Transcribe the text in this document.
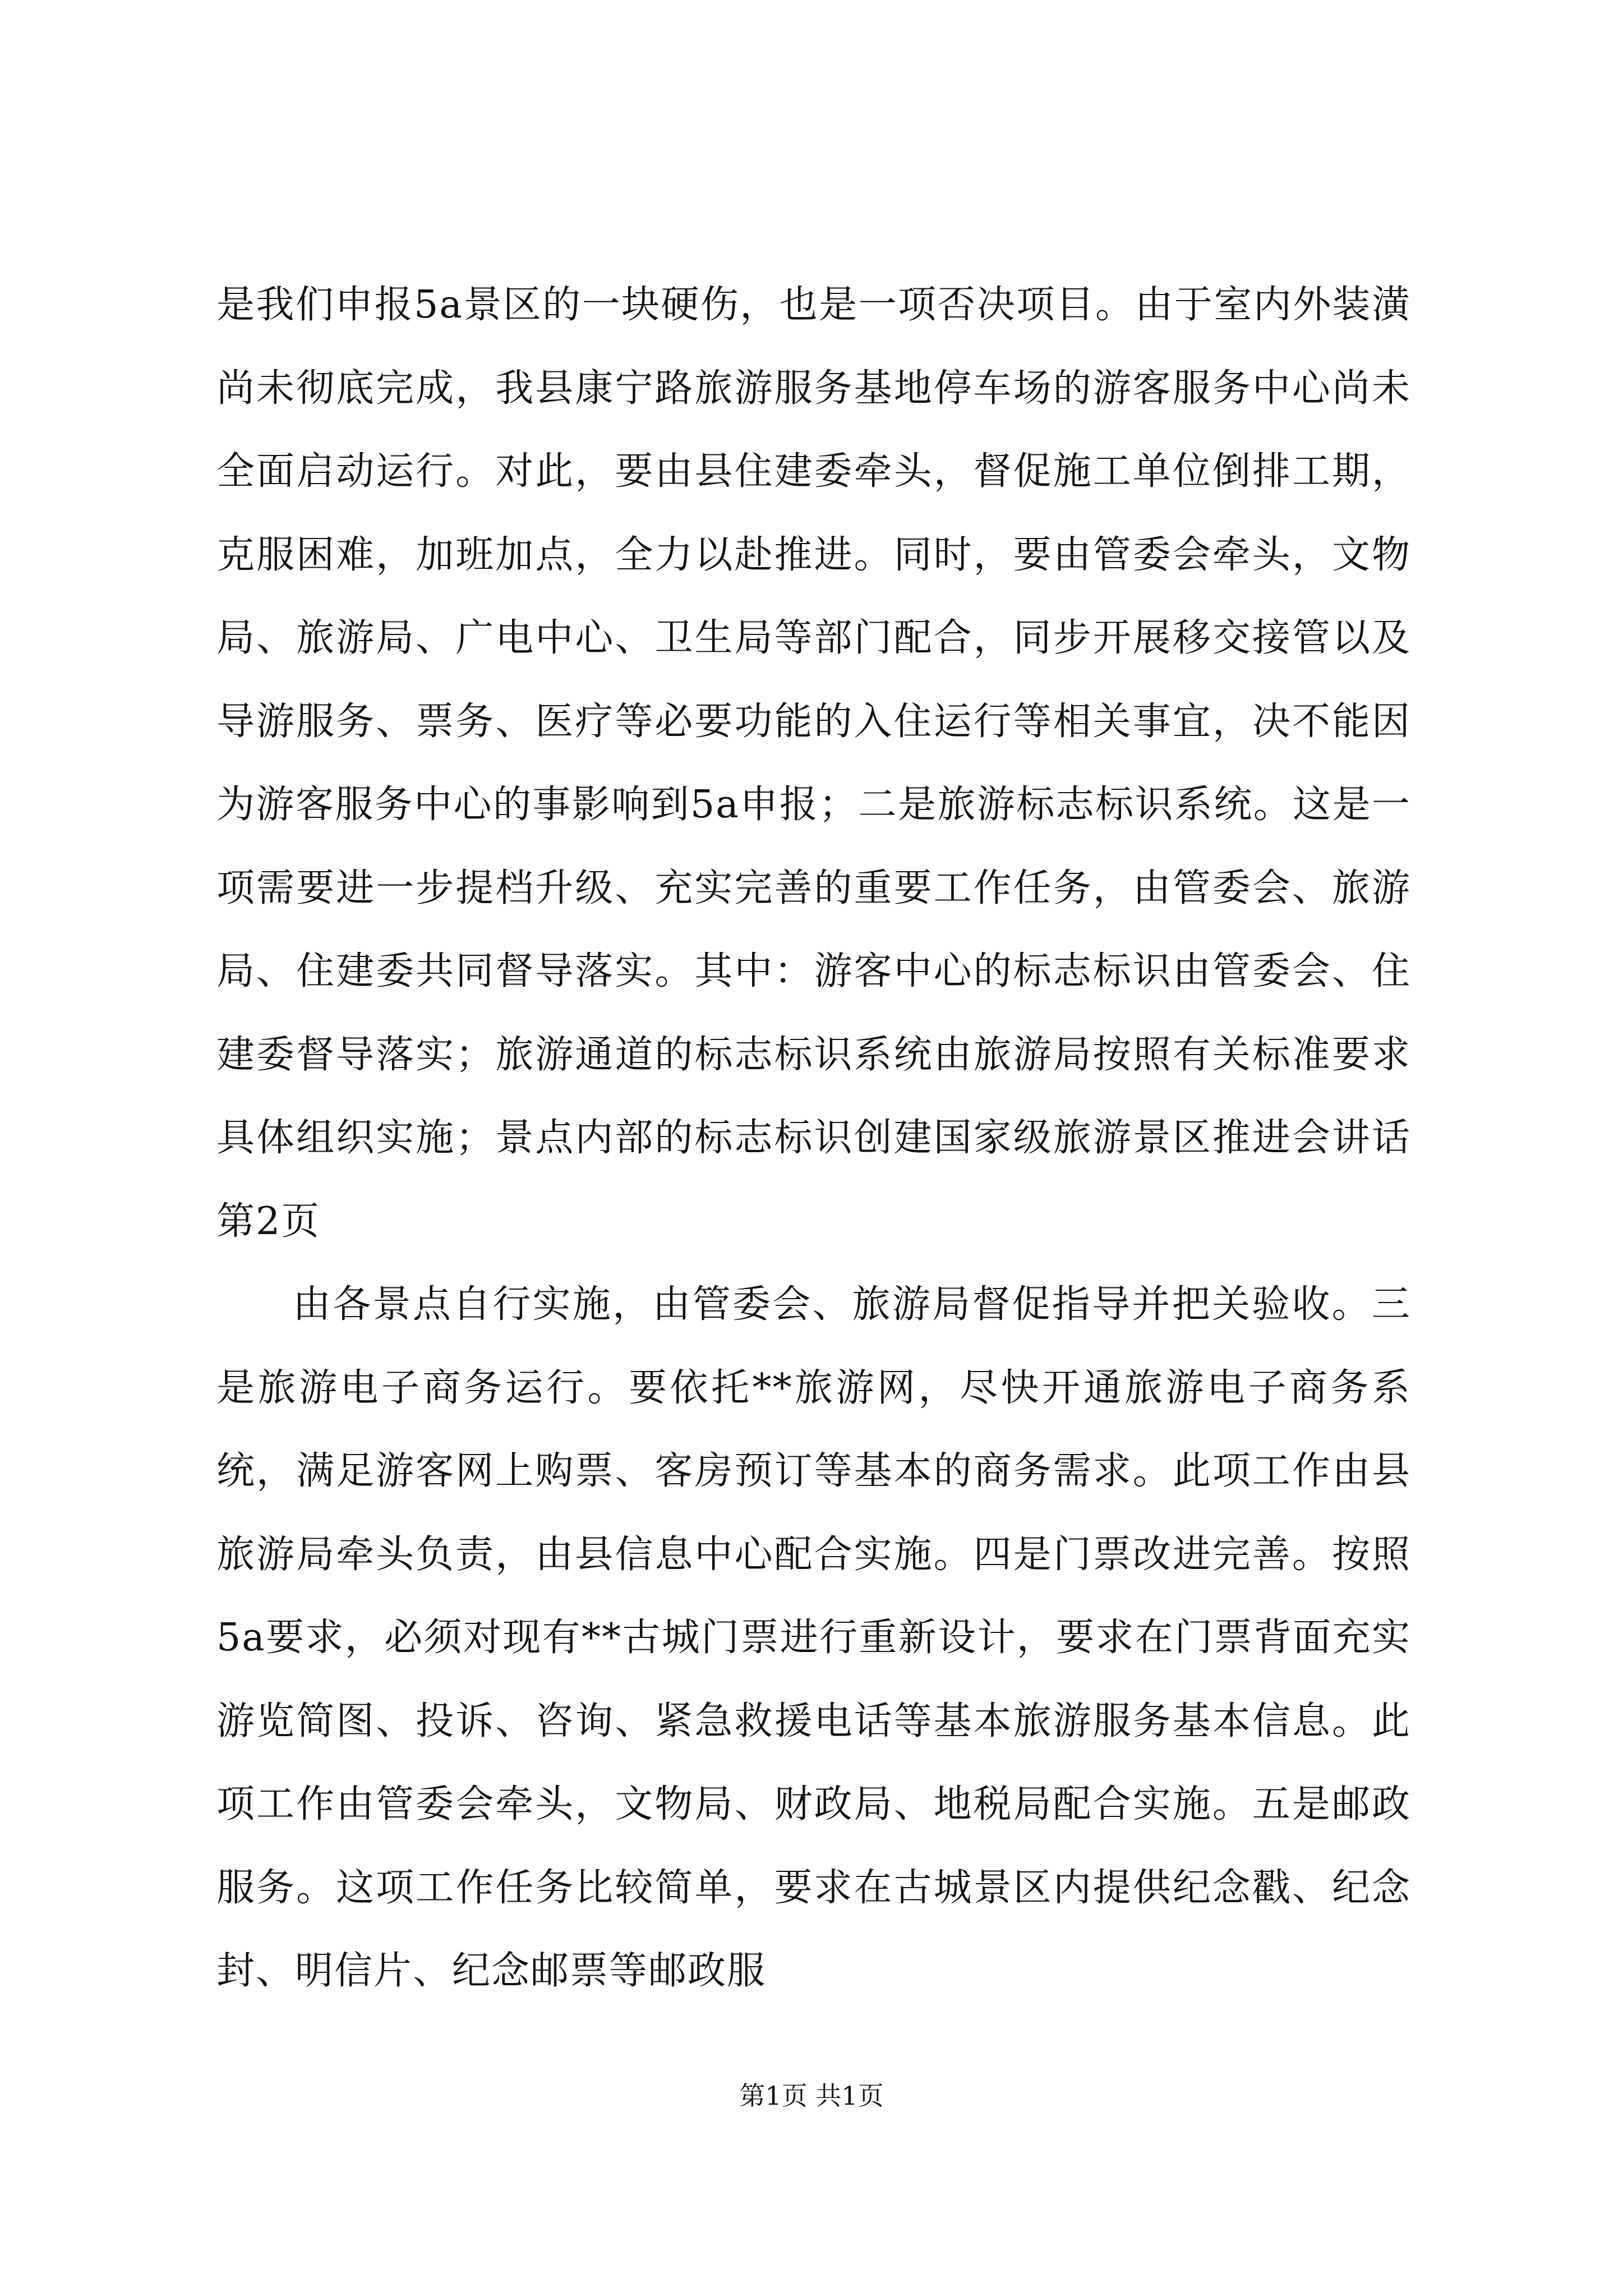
是我们申报5a景区的一块硬伤，也是一项否决项目。由于室内外装潢尚未彻底完成，我县康宁路旅游服务基地停车场的游客服务中心尚未全面启动运行。对此，要由县住建委牵头，督促施工单位倒排工期，克服困难，加班加点，全力以赴推进。同时，要由管委会牵头，文物局、旅游局、广电中心、卫生局等部门配合，同步开展移交接管以及导游服务、票务、医疗等必要功能的入住运行等相关事宜，决不能因为游客服务中心的事影响到5a申报；二是旅游标志标识系统。这是一项需要进一步提档升级、充实完善的重要工作任务，由管委会、旅游局、住建委共同督导落实。其中：游客中心的标志标识由管委会、住建委督导落实；旅游通道的标志标识系统由旅游局按照有关标准要求具体组织实施；景点内部的标志标识创建国家级旅游景区推进会讲话第2页

由各景点自行实施，由管委会、旅游局督促指导并把关验收。三是旅游电子商务运行。要依托**旅游网，尽快开通旅游电子商务系统，满足游客网上购票、客房预订等基本的商务需求。此项工作由县旅游局牵头负责，由县信息中心配合实施。四是门票改进完善。按照5a要求，必须对现有**古城门票进行重新设计，要求在门票背面充实游览简图、投诉、咨询、紧急救援电话等基本旅游服务基本信息。此项工作由管委会牵头，文物局、财政局、地税局配合实施。五是邮政服务。这项工作任务比较简单，要求在古城景区内提供纪念戳、纪念封、明信片、纪念邮票等邮政服

第1页 共1页
